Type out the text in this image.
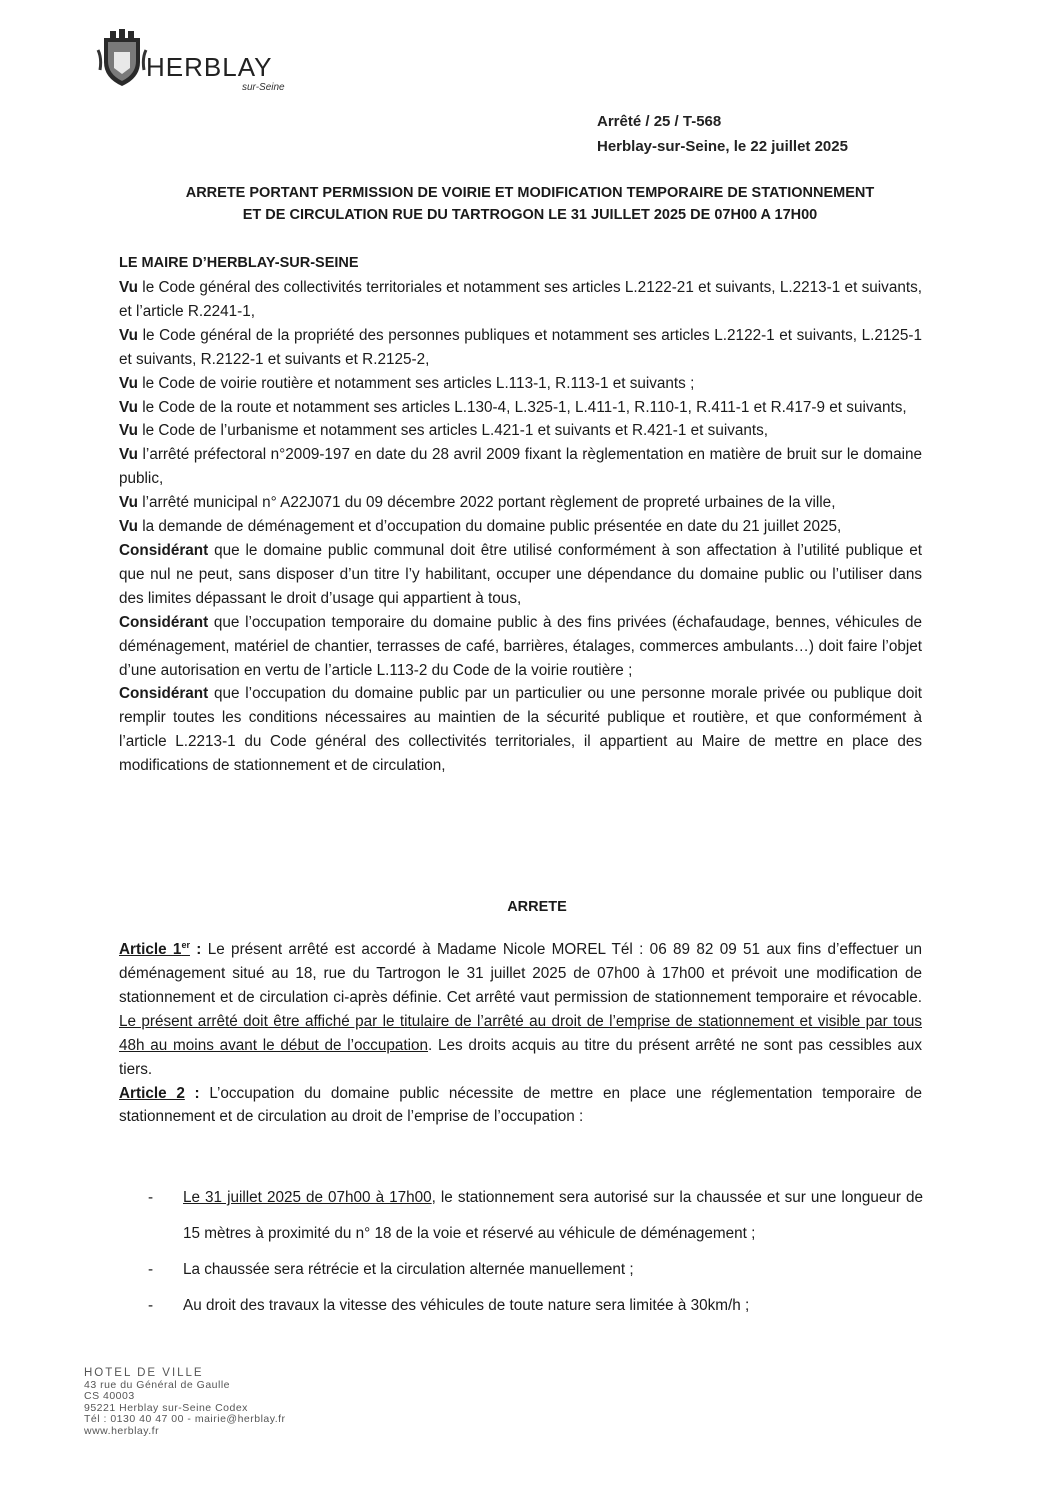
HERBLAY
sur-Seine
Arrêté / 25 / T-568
Herblay-sur-Seine, le 22 juillet 2025
ARRETE PORTANT PERMISSION DE VOIRIE ET MODIFICATION TEMPORAIRE DE STATIONNEMENT
ET DE CIRCULATION RUE DU TARTROGON LE 31 JUILLET 2025 DE 07H00 A 17H00
LE MAIRE D’HERBLAY-SUR-SEINE

Vu le Code général des collectivités territoriales et notamment ses articles L.2122-21 et suivants, L.2213-1 et suivants, et l’article R.2241-1,

Vu le Code général de la propriété des personnes publiques et notamment ses articles L.2122-1 et suivants, L.2125-1 et suivants, R.2122-1 et suivants et R.2125-2,

Vu le Code de voirie routière et notamment ses articles L.113-1, R.113-1 et suivants ;

Vu le Code de la route et notamment ses articles L.130-4, L.325-1, L.411-1, R.110-1, R.411-1 et R.417-9 et suivants,

Vu le Code de l’urbanisme et notamment ses articles L.421-1 et suivants et R.421-1 et suivants,

Vu l’arrêté préfectoral n°2009-197 en date du 28 avril 2009 fixant la règlementation en matière de bruit sur le domaine public,

Vu l’arrêté municipal n° A22J071 du 09 décembre 2022 portant règlement de propreté urbaines de la ville,

Vu la demande de déménagement et d’occupation du domaine public présentée en date du 21 juillet 2025,

Considérant que le domaine public communal doit être utilisé conformément à son affectation à l’utilité publique et que nul ne peut, sans disposer d’un titre l’y habilitant, occuper une dépendance du domaine public ou l’utiliser dans des limites dépassant le droit d’usage qui appartient à tous,

Considérant que l’occupation temporaire du domaine public à des fins privées (échafaudage, bennes, véhicules de déménagement, matériel de chantier, terrasses de café, barrières, étalages, commerces ambulants…) doit faire l’objet d’une autorisation en vertu de l’article L.113-2 du Code de la voirie routière ;

Considérant que l’occupation du domaine public par un particulier ou une personne morale privée ou publique doit remplir toutes les conditions nécessaires au maintien de la sécurité publique et routière, et que conformément à l’article L.2213-1 du Code général des collectivités territoriales, il appartient au Maire de mettre en place des modifications de stationnement et de circulation,

ARRETE

Article 1er : Le présent arrêté est accordé à Madame Nicole MOREL Tél : 06 89 82 09 51 aux fins d’effectuer un déménagement situé au 18, rue du Tartrogon le 31 juillet 2025 de 07h00 à 17h00 et prévoit une modification de stationnement et de circulation ci-après définie. Cet arrêté vaut permission de stationnement temporaire et révocable. Le présent arrêté doit être affiché par le titulaire de l’arrêté au droit de l’emprise de stationnement et visible par tous 48h au moins avant le début de l’occupation. Les droits acquis au titre du présent arrêté ne sont pas cessibles aux tiers.

Article 2 : L’occupation du domaine public nécessite de mettre en place une réglementation temporaire de stationnement et de circulation au droit de l’emprise de l’occupation :

- Le 31 juillet 2025 de 07h00 à 17h00, le stationnement sera autorisé sur la chaussée et sur une longueur de 15 mètres à proximité du n° 18 de la voie et réservé au véhicule de déménagement ;
- La chaussée sera rétrécie et la circulation alternée manuellement ;
- Au droit des travaux la vitesse des véhicules de toute nature sera limitée à 30km/h ;
HOTEL DE VILLE
43 rue du Général de Gaulle
CS 40003
95221 Herblay sur-Seine Codex
Tél : 0130 40 47 00 - mairie@herblay.fr
www.herblay.fr
